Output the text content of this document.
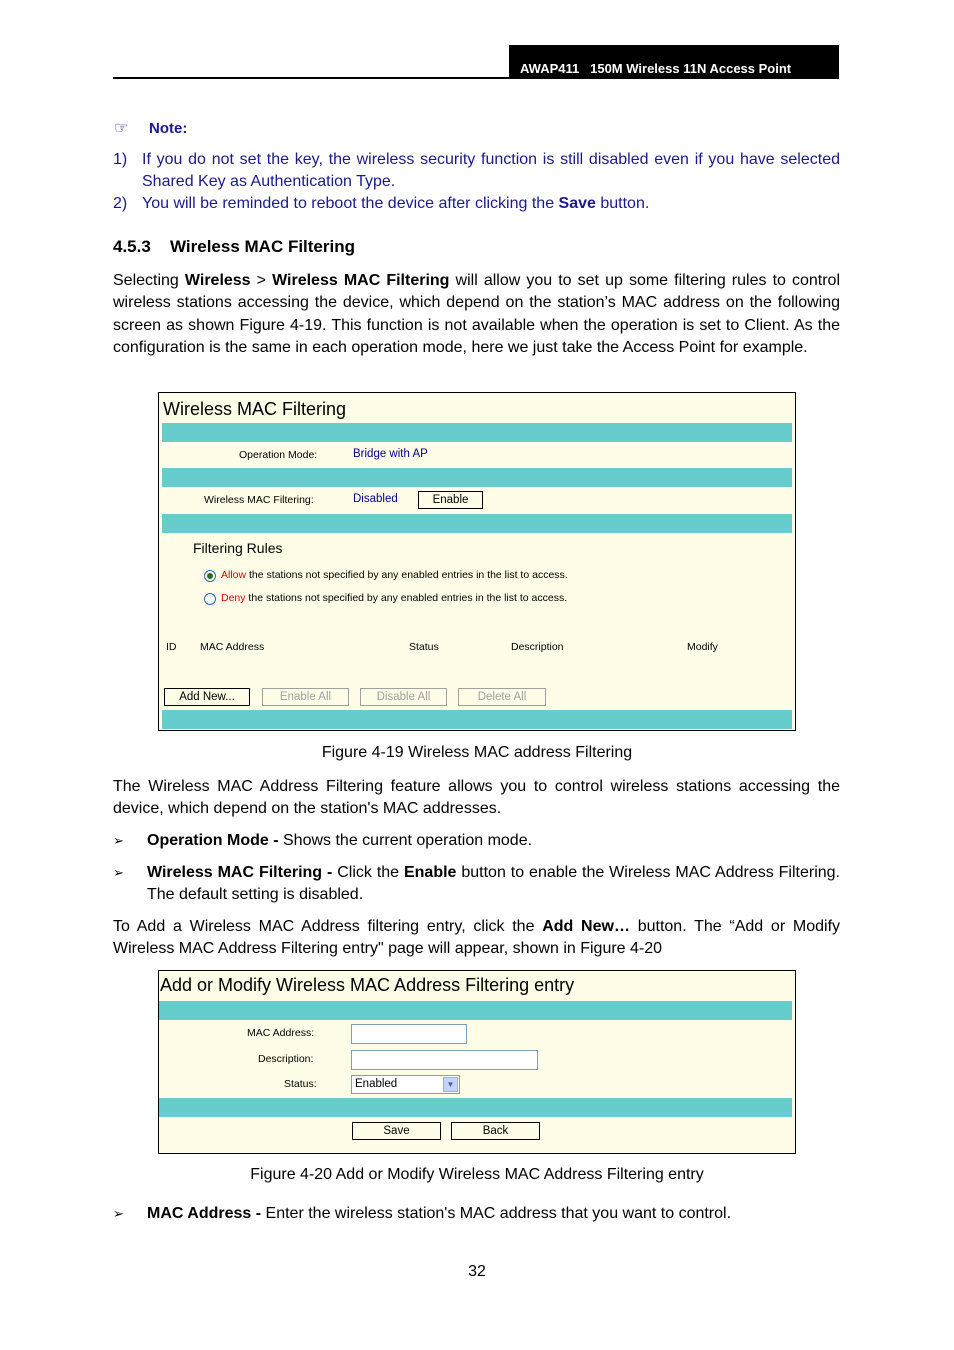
AWAP411 150M Wireless 11N Access Point
☞ Note:
1) If you do not set the key, the wireless security function is still disabled even if you have selected Shared Key as Authentication Type.
2) You will be reminded to reboot the device after clicking the Save button.
4.5.3 Wireless MAC Filtering
Selecting Wireless > Wireless MAC Filtering will allow you to set up some filtering rules to control wireless stations accessing the device, which depend on the station’s MAC address on the following screen as shown Figure 4-19. This function is not available when the operation is set to Client. As the configuration is the same in each operation mode, here we just take the Access Point for example.
Wireless MAC Filtering
Operation Mode:	Bridge with AP
Wireless MAC Filtering:	Disabled	Enable
Filtering Rules
Allow the stations not specified by any enabled entries in the list to access.
Deny the stations not specified by any enabled entries in the list to access.
ID MAC Address	Status	Description	Modify
Add New...	Enable All	Disable All	Delete All
Figure 4-19 Wireless MAC address Filtering
The Wireless MAC Address Filtering feature allows you to control wireless stations accessing the device, which depend on the station's MAC addresses.
➢ Operation Mode - Shows the current operation mode.
➢ Wireless MAC Filtering - Click the Enable button to enable the Wireless MAC Address Filtering. The default setting is disabled.
To Add a Wireless MAC Address filtering entry, click the Add New… button. The “Add or Modify Wireless MAC Address Filtering entry" page will appear, shown in Figure 4-20
Add or Modify Wireless MAC Address Filtering entry
MAC Address:
Description:
Status:	Enabled	▼
Save	Back
Figure 4-20 Add or Modify Wireless MAC Address Filtering entry
➢ MAC Address - Enter the wireless station's MAC address that you want to control.
32
